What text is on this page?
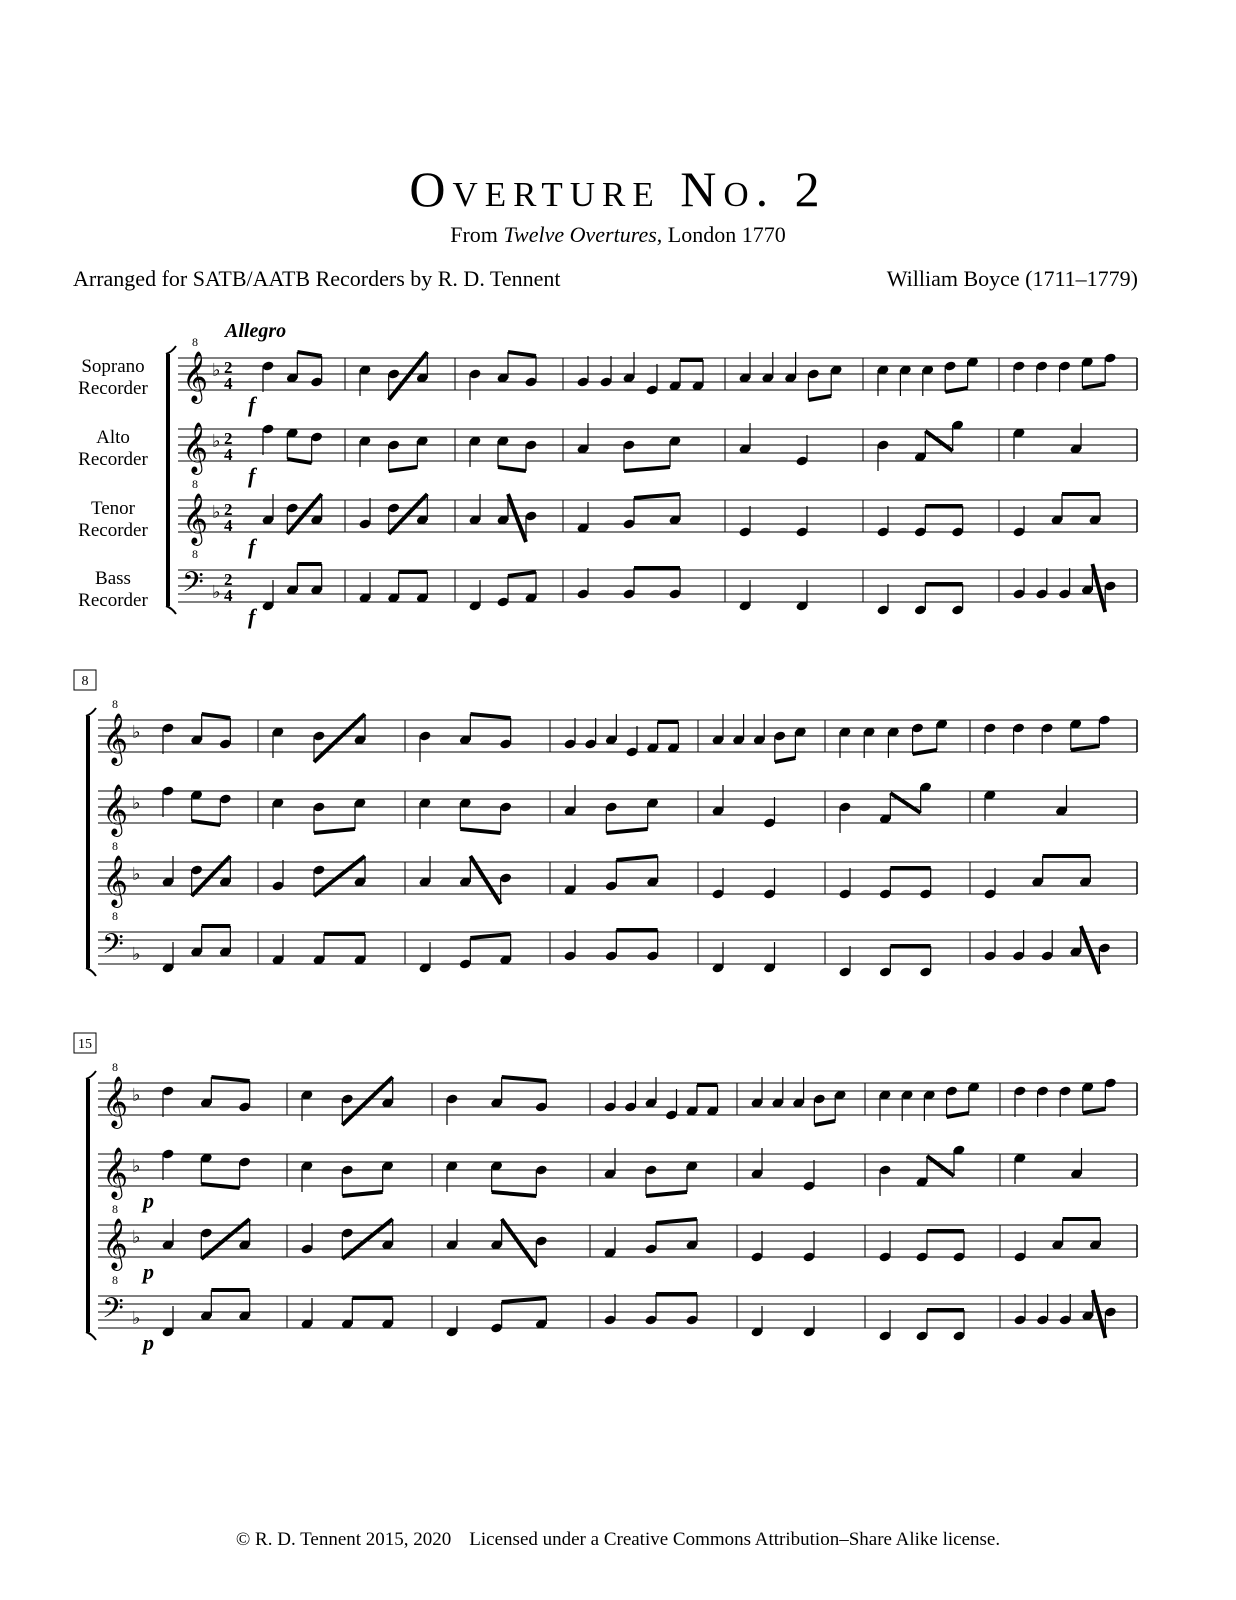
Overture No. 2
From Twelve Overtures, London 1770
Arranged for SATB/AATB Recorders by R. D. Tennent	William Boyce (1711–1779)
𝄞
8
♭ 2
4
f
𝄞 ♭ 2
4
f
𝄞
8
♭ 2
4
f
𝄢
8
♭
2
4
f
Soprano
Recorder
Alto
Recorder
Tenor
Recorder
Bass
Recorder
Allegro
8
𝄞
8
♭
𝄞 ♭
𝄞
8
♭
𝄢
8
♭
15
𝄞
8
♭
𝄞 ♭
p
𝄞
8
♭
p
𝄢
8
♭
p
© R. D. Tennent 2015, 2020 Licensed under a Creative Commons Attribution–Share Alike license.
